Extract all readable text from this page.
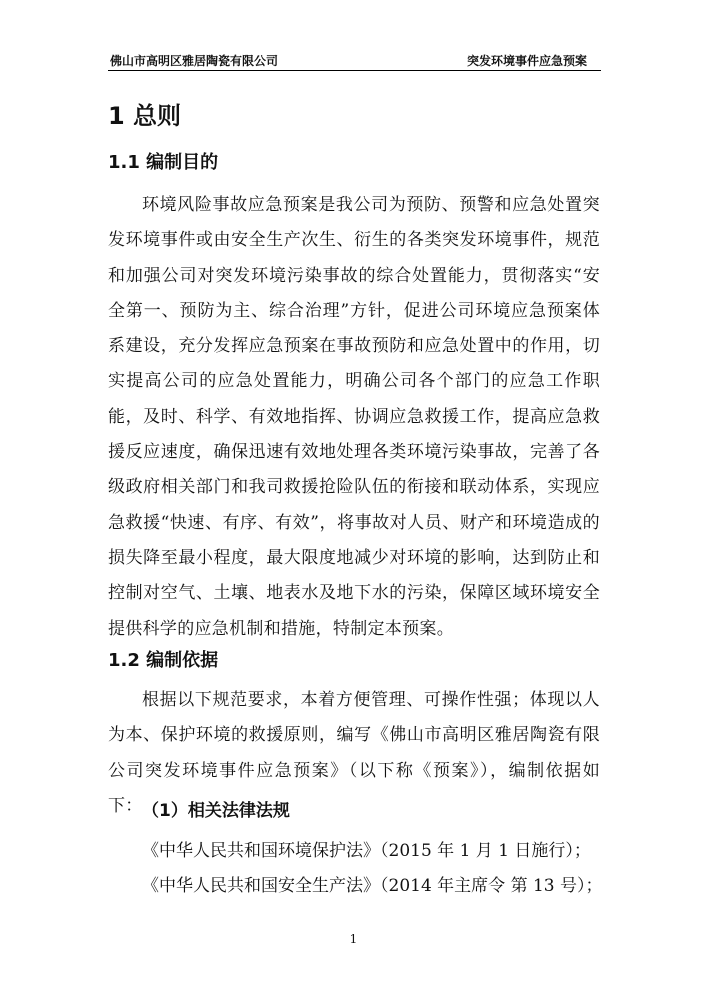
佛山市高明区雅居陶瓷有限公司	突发环境事件应急预案
1 总则
1.1 编制目的

环境风险事故应急预案是我公司为预防、预警和应急处置突发环境事件或由安全生产次生、衍生的各类突发环境事件，规范和加强公司对突发环境污染事故的综合处置能力，贯彻落实“安全第一、预防为主、综合治理”方针，促进公司环境应急预案体系建设，充分发挥应急预案在事故预防和应急处置中的作用，切实提高公司的应急处置能力，明确公司各个部门的应急工作职能，及时、科学、有效地指挥、协调应急救援工作，提高应急救援反应速度，确保迅速有效地处理各类环境污染事故，完善了各级政府相关部门和我司救援抢险队伍的衔接和联动体系，实现应急救援“快速、有序、有效”，将事故对人员、财产和环境造成的损失降至最小程度，最大限度地减少对环境的影响，达到防止和控制对空气、土壤、地表水及地下水的污染，保障区域环境安全提供科学的应急机制和措施，特制定本预案。

1.2 编制依据

根据以下规范要求，本着方便管理、可操作性强；体现以人为本、保护环境的救援原则，编写《佛山市高明区雅居陶瓷有限公司突发环境事件应急预案》（以下称《预案》），编制依据如下： （1）相关法律法规
《中华人民共和国环境保护法》（2015 年 1 月 1 日施行）；
《中华人民共和国安全生产法》（2014 年主席令 第 13 号）；
1
